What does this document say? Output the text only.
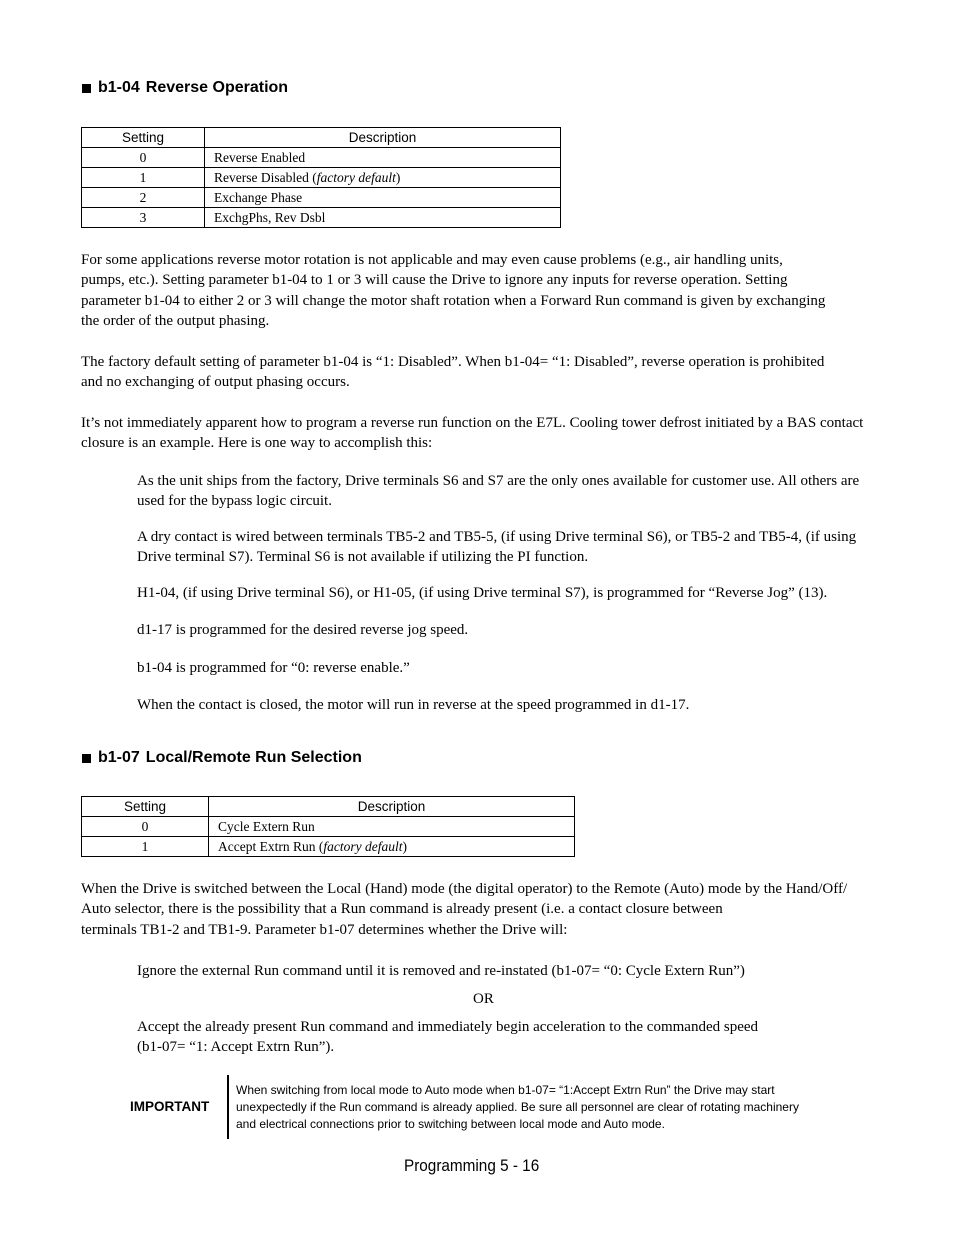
b1-04 Reverse Operation
Setting	Description
0	Reverse Enabled
1	Reverse Disabled (factory default)
2	Exchange Phase
3	ExchgPhs, Rev Dsbl
For some applications reverse motor rotation is not applicable and may even cause problems (e.g., air handling units,
pumps, etc.). Setting parameter b1-04 to 1 or 3 will cause the Drive to ignore any inputs for reverse operation. Setting
parameter b1-04 to either 2 or 3 will change the motor shaft rotation when a Forward Run command is given by exchanging
the order of the output phasing.
The factory default setting of parameter b1-04 is “1: Disabled”. When b1-04= “1: Disabled”, reverse operation is prohibited
and no exchanging of output phasing occurs.
It’s not immediately apparent how to program a reverse run function on the E7L. Cooling tower defrost initiated by a BAS contact
closure is an example. Here is one way to accomplish this:
As the unit ships from the factory, Drive terminals S6 and S7 are the only ones available for customer use. All others are
used for the bypass logic circuit.
A dry contact is wired between terminals TB5-2 and TB5-5, (if using Drive terminal S6), or TB5-2 and TB5-4, (if using
Drive terminal S7). Terminal S6 is not available if utilizing the PI function.
H1-04, (if using Drive terminal S6), or H1-05, (if using Drive terminal S7), is programmed for “Reverse Jog” (13).
d1-17 is programmed for the desired reverse jog speed.
b1-04 is programmed for “0: reverse enable.”
When the contact is closed, the motor will run in reverse at the speed programmed in d1-17.
b1-07 Local/Remote Run Selection
Setting	Description
0	Cycle Extern Run
1	Accept Extrn Run (factory default)
When the Drive is switched between the Local (Hand) mode (the digital operator) to the Remote (Auto) mode by the Hand/Off/
Auto selector, there is the possibility that a Run command is already present (i.e. a contact closure between
terminals TB1-2 and TB1-9. Parameter b1-07 determines whether the Drive will:
Ignore the external Run command until it is removed and re-instated (b1-07= “0: Cycle Extern Run”)
OR
Accept the already present Run command and immediately begin acceleration to the commanded speed
(b1-07= “1: Accept Extrn Run”).
IMPORTANT
When switching from local mode to Auto mode when b1-07= “1:Accept Extrn Run” the Drive may start
unexpectedly if the Run command is already applied. Be sure all personnel are clear of rotating machinery
and electrical connections prior to switching between local mode and Auto mode.
Programming 5 - 16
